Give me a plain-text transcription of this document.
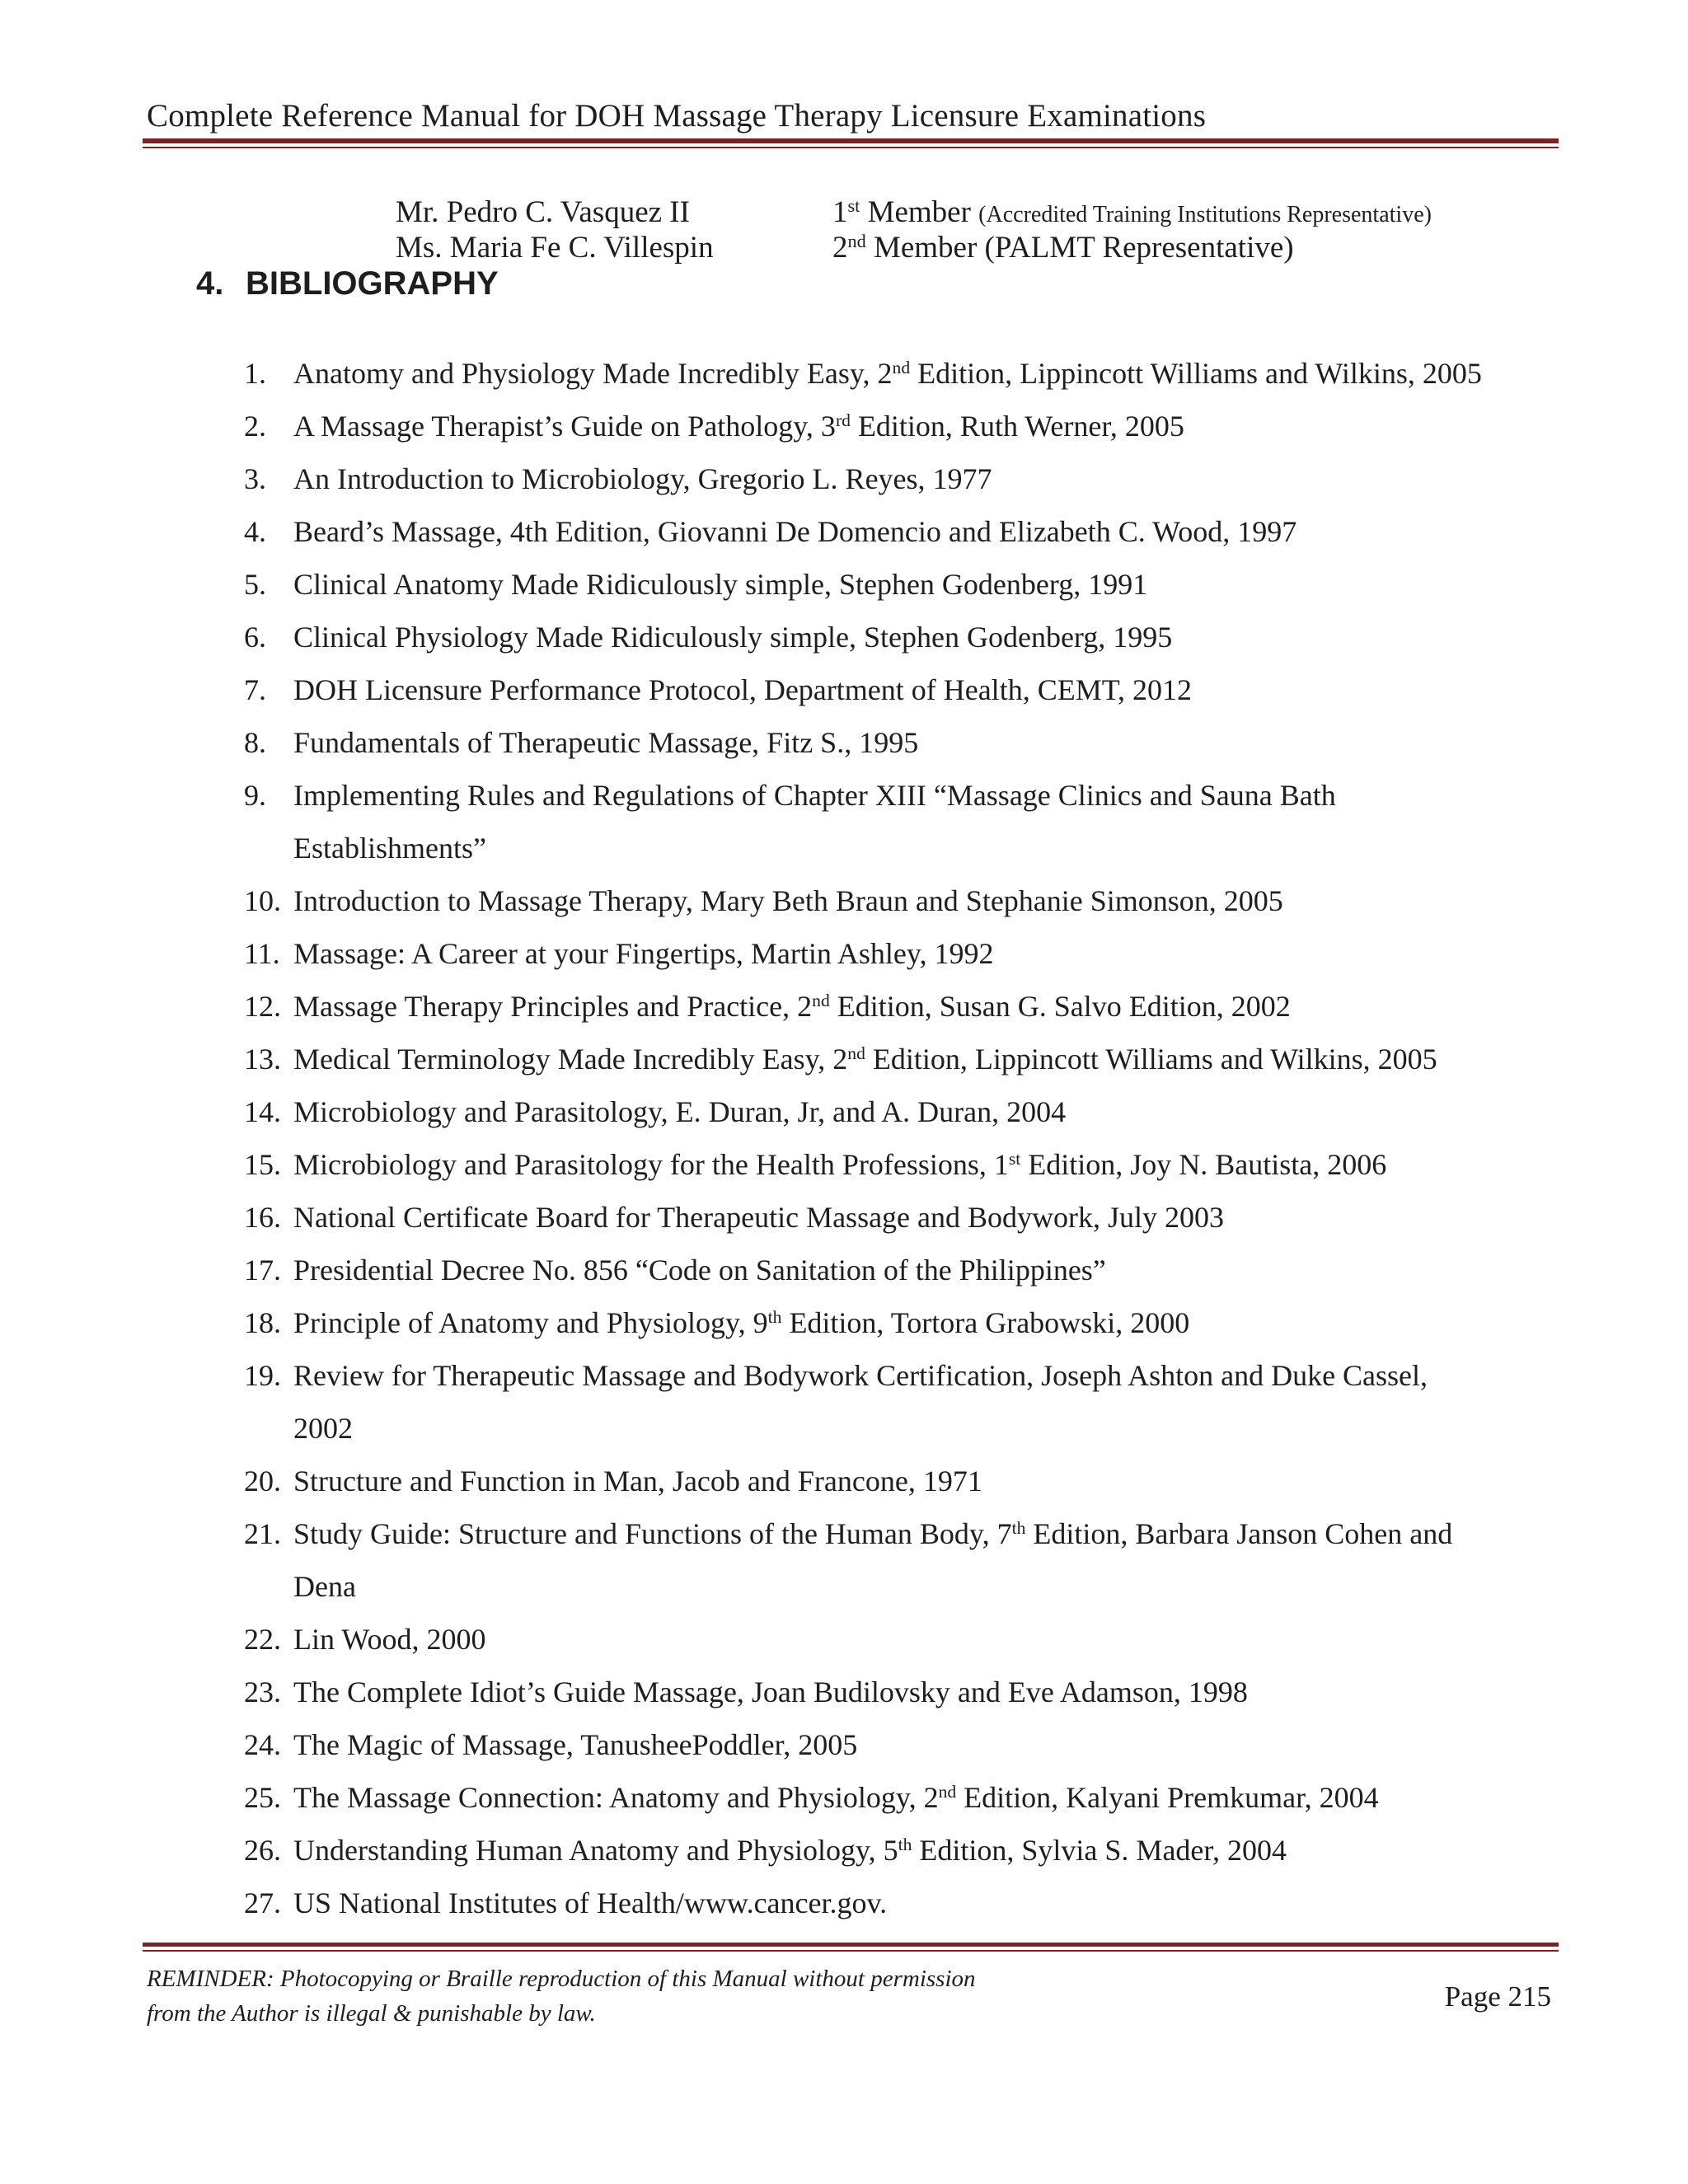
Complete Reference Manual for DOH Massage Therapy Licensure Examinations
Mr. Pedro C. Vasquez II	1st Member (Accredited Training Institutions Representative)
Ms. Maria Fe C. Villespin	2nd Member (PALMT Representative)
4. BIBLIOGRAPHY
1. Anatomy and Physiology Made Incredibly Easy, 2nd Edition, Lippincott Williams and Wilkins, 2005
2. A Massage Therapist’s Guide on Pathology, 3rd Edition, Ruth Werner, 2005
3. An Introduction to Microbiology, Gregorio L. Reyes, 1977
4. Beard’s Massage, 4th Edition, Giovanni De Domencio and Elizabeth C. Wood, 1997
5. Clinical Anatomy Made Ridiculously simple, Stephen Godenberg, 1991
6. Clinical Physiology Made Ridiculously simple, Stephen Godenberg, 1995
7. DOH Licensure Performance Protocol, Department of Health, CEMT, 2012
8. Fundamentals of Therapeutic Massage, Fitz S., 1995
9. Implementing Rules and Regulations of Chapter XIII “Massage Clinics and Sauna Bath
Establishments”
10. Introduction to Massage Therapy, Mary Beth Braun and Stephanie Simonson, 2005
11. Massage: A Career at your Fingertips, Martin Ashley, 1992
12. Massage Therapy Principles and Practice, 2nd Edition, Susan G. Salvo Edition, 2002
13. Medical Terminology Made Incredibly Easy, 2nd Edition, Lippincott Williams and Wilkins, 2005
14. Microbiology and Parasitology, E. Duran, Jr, and A. Duran, 2004
15. Microbiology and Parasitology for the Health Professions, 1st Edition, Joy N. Bautista, 2006
16. National Certificate Board for Therapeutic Massage and Bodywork, July 2003
17. Presidential Decree No. 856 “Code on Sanitation of the Philippines”
18. Principle of Anatomy and Physiology, 9th Edition, Tortora Grabowski, 2000
19. Review for Therapeutic Massage and Bodywork Certification, Joseph Ashton and Duke Cassel,
2002
20. Structure and Function in Man, Jacob and Francone, 1971
21. Study Guide: Structure and Functions of the Human Body, 7th Edition, Barbara Janson Cohen and
Dena
22. Lin Wood, 2000
23. The Complete Idiot’s Guide Massage, Joan Budilovsky and Eve Adamson, 1998
24. The Magic of Massage, TanusheePoddler, 2005
25. The Massage Connection: Anatomy and Physiology, 2nd Edition, Kalyani Premkumar, 2004
26. Understanding Human Anatomy and Physiology, 5th Edition, Sylvia S. Mader, 2004
27. US National Institutes of Health/www.cancer.gov.
REMINDER: Photocopying or Braille reproduction of this Manual without permission
from the Author is illegal & punishable by law.
Page 215
